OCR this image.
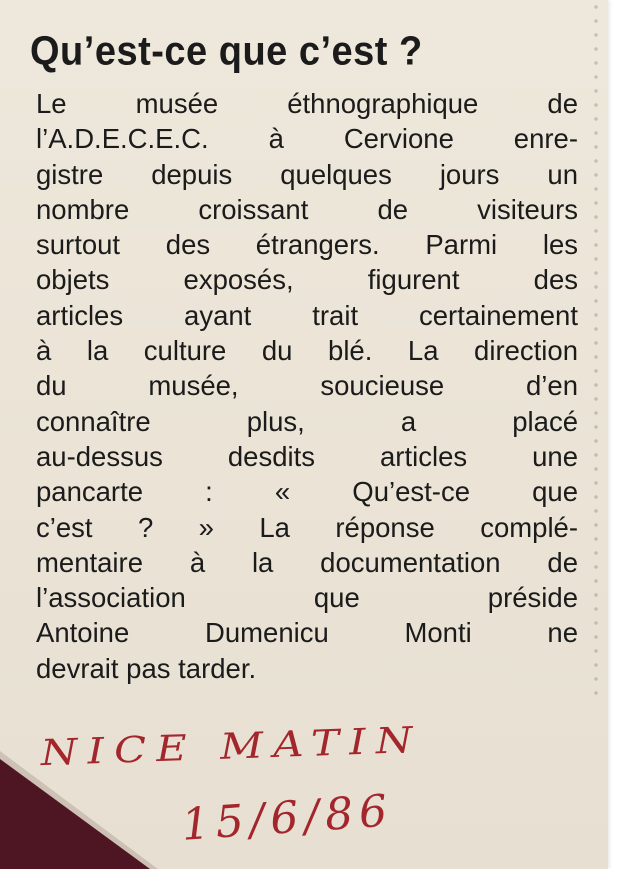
Qu’est-ce que c’est ?

Le musée éthnographique de
l’A.D.E.C.E.C. à Cervione enre-
gistre depuis quelques jours un
nombre croissant de visiteurs
surtout des étrangers. Parmi les
objets exposés, figurent des
articles ayant trait certainement
à la culture du blé. La direction
du musée, soucieuse d’en
connaître plus, a placé
au-dessus desdits articles une
pancarte : « Qu’est-ce que
c’est ? » La réponse complé-
mentaire à la documentation de
l’association que préside
Antoine Dumenicu Monti ne
devrait pas tarder.

NICE MATIN
15/6/86
